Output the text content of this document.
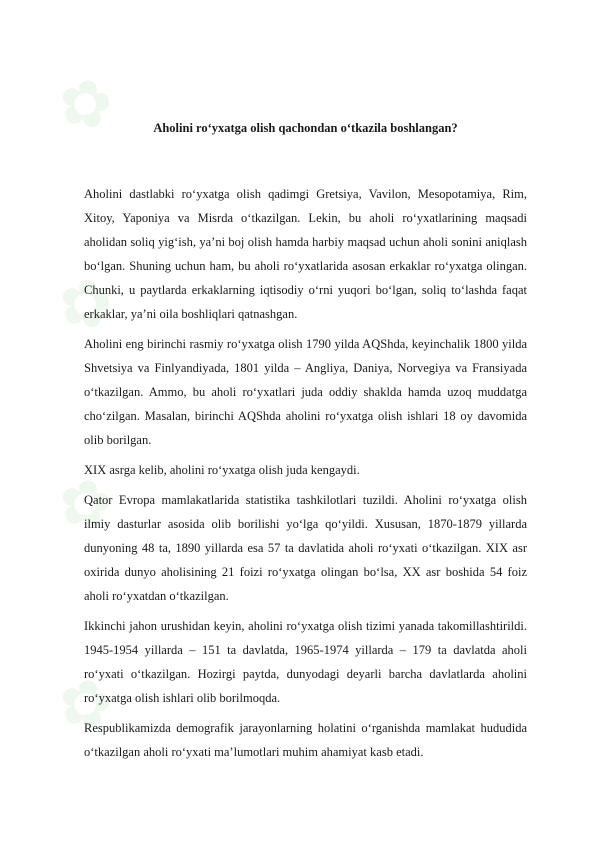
✿
✿
✿
✿
Aholini ro‘yxatga olish qachondan o‘tkazila boshlangan?

Aholini dastlabki ro‘yxatga olish qadimgi Gretsiya, Vavilon, Mesopotamiya, Rim, Xitoy, Yaponiya va Misrda o‘tkazilgan. Lekin, bu aholi ro‘yxatlarining maqsadi aholidan soliq yig‘ish, ya’ni boj olish hamda harbiy maqsad uchun aholi sonini aniqlash bo‘lgan. Shuning uchun ham, bu aholi ro‘yxatlarida asosan erkaklar ro‘yxatga olingan. Chunki, u paytlarda erkaklarning iqtisodiy o‘rni yuqori bo‘lgan, soliq to‘lashda faqat erkaklar, ya’ni oila boshliqlari qatnashgan.

Aholini eng birinchi rasmiy ro‘yxatga olish 1790 yilda AQShda, keyinchalik 1800 yilda Shvetsiya va Finlyandiyada, 1801 yilda – Angliya, Daniya, Norvegiya va Fransiyada o‘tkazilgan. Ammo, bu aholi ro‘yxatlari juda oddiy shaklda hamda uzoq muddatga cho‘zilgan. Masalan, birinchi AQShda aholini ro‘yxatga olish ishlari 18 oy davomida olib borilgan.

XIX asrga kelib, aholini ro‘yxatga olish juda kengaydi.

Qator Evropa mamlakatlarida statistika tashkilotlari tuzildi. Aholini ro‘yxatga olish ilmiy dasturlar asosida olib borilishi yo‘lga qo‘yildi. Xususan, 1870-1879 yillarda dunyoning 48 ta, 1890 yillarda esa 57 ta davlatida aholi ro‘yxati o‘tkazilgan. XIX asr oxirida dunyo aholisining 21 foizi ro‘yxatga olingan bo‘lsa, XX asr boshida 54 foiz aholi ro‘yxatdan o‘tkazilgan.

Ikkinchi jahon urushidan keyin, aholini ro‘yxatga olish tizimi yanada takomillashtirildi. 1945-1954 yillarda – 151 ta davlatda, 1965-1974 yillarda – 179 ta davlatda aholi ro‘yxati o‘tkazilgan. Hozirgi paytda, dunyodagi deyarli barcha davlatlarda aholini ro‘yxatga olish ishlari olib borilmoqda.

Respublikamizda demografik jarayonlarning holatini o‘rganishda mamlakat hududida o‘tkazilgan aholi ro‘yxati ma’lumotlari muhim ahamiyat kasb etadi.
